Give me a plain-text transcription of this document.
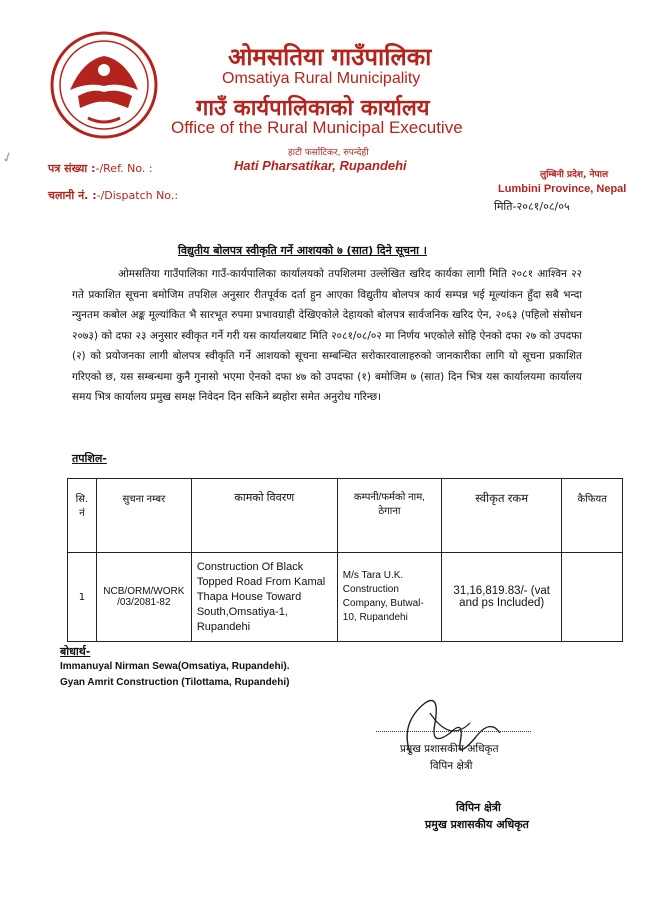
ओमसतिया गाउँपालिका
Omsatiya Rural Municipality
गाउँ कार्यपालिकाको कार्यालय
Office of the Rural Municipal Executive
हाटी फर्साटिकर, रुपन्देही
Hati Pharsatikar, Rupandehi
✓
पत्र संख्या :-/Ref. No. :
चलानी नं. :-/Dispatch No.:
लुम्बिनी प्रदेश, नेपाल
Lumbini Province, Nepal
मिति-२०८१/०८/०५
विद्युतीय बोलपत्र स्वीकृति गर्ने आशयको ७ (सात) दिने सूचना ।
ओमसतिया गाउँपालिका गाउँ-कार्यपालिका कार्यालयको तपशिलमा उल्लेखित खरिद कार्यका लागी मिति २०८१ आश्विन २२ गते प्रकाशित सूचना बमोजिम तपशिल अनुसार रीतपूर्वक दर्ता हुन आएका विद्युतीय बोलपत्र कार्य सम्पन्न भई मूल्यांकन हुँदा सबै भन्दा न्युनतम कबोल अङ्क मूल्यांकित भै सारभूत रुपमा प्रभावग्राही देखिएकोले देहायको बोलपत्र सार्वजनिक खरिद ऐन, २०६३ (पहिलो संसोधन २०७३) को दफा २३ अनुसार स्वीकृत गर्ने गरी यस कार्यालयबाट मिति २०८१/०८/०२ मा निर्णय भएकोले सोहि ऐनको दफा २७ को उपदफा (२) को प्रयोजनका लागी बोलपत्र स्वीकृति गर्ने आशयको सूचना सम्बन्धित सरोकारवालाहरुको जानकारीका लागि यो सूचना प्रकाशित गरिएको छ, यस सम्बन्धमा कुनै गुनासो भएमा ऐनको दफा ४७ को उपदफा (१) बमोजिम ७ (सात) दिन भित्र यस कार्यालयमा कार्यालय समय भित्र कार्यालय प्रमुख समक्ष निवेदन दिन सकिने ब्यहोरा समेत अनुरोध गरिन्छ।
तपशिल-
सि. नं	सुचना नम्बर	कामको विवरण	कम्पनी/फर्मको नाम, ठेगाना	स्वीकृत रकम	कैफियत
1	NCB/ORM/WORK /03/2081-82	Construction Of Black Topped Road From Kamal Thapa House Toward South,Omsatiya-1, Rupandehi	M/s Tara U.K. Construction Company, Butwal-10, Rupandehi	31,16,819.83/- (vat and ps Included)	
बोधार्थ-
Immanuyal Nirman Sewa(Omsatiya, Rupandehi).
Gyan Amrit Construction (Tilottama, Rupandehi)
प्रमुख प्रशासकीय अधिकृत
विपिन क्षेत्री
विपिन क्षेत्री
प्रमुख प्रशासकीय अधिकृत
